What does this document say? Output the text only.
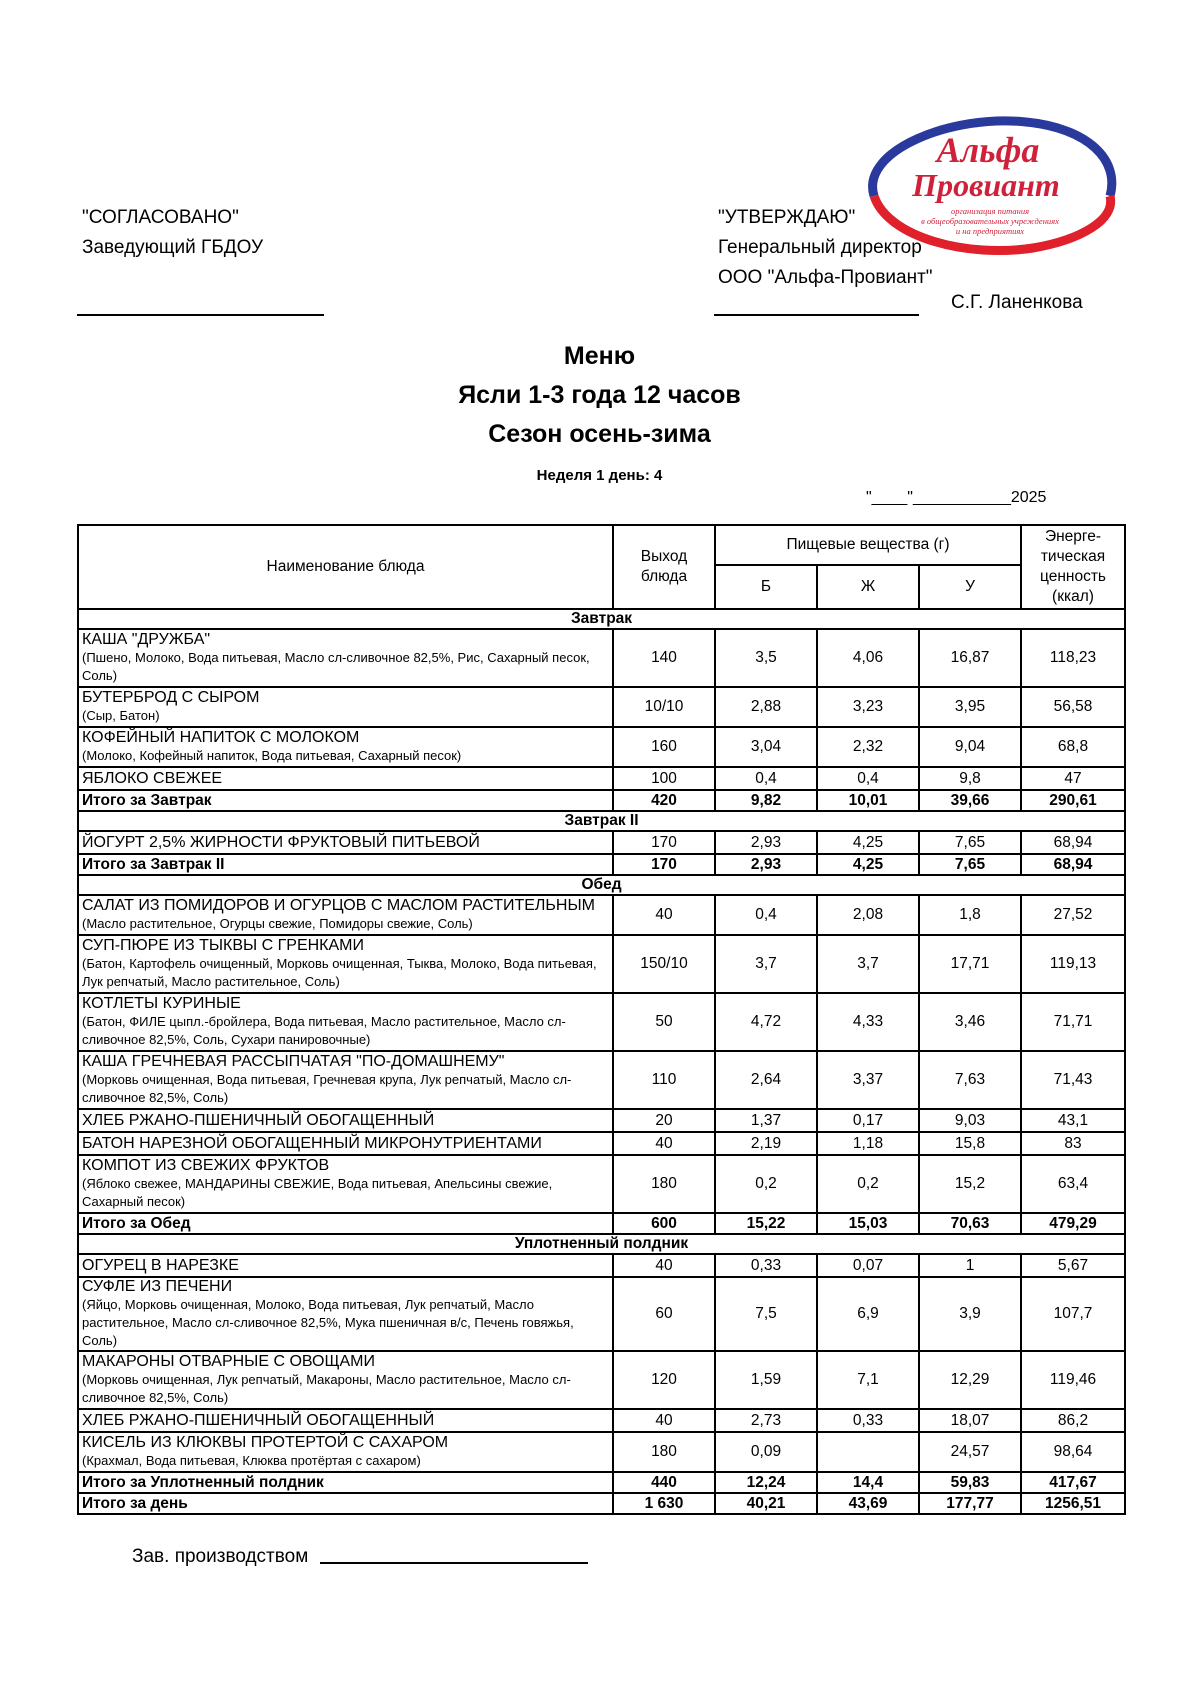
"СОГЛАСОВАНО"
Заведующий ГБДОУ
"УТВЕРЖДАЮ"
Генеральный директор
ООО "Альфа-Провиант"
С.Г. Ланенкова
Альфа
Провиант
организация питания
в общеобразовательных учреждениях
и на предприятиях
Меню
Ясли 1-3 года 12 часов
Сезон осень-зима
Неделя 1 день: 4
"____"___________2025
Наименование блюда	Выход блюда	Пищевые вещества (г)			Энерге-тическая ценность (ккал)
		Б	Ж	У	
Завтрак					

КАША "ДРУЖБА"
(Пшено, Молоко, Вода питьевая, Масло сл-сливочное 82,5%, Рис, Сахарный песок, Соль)	140	3,5	4,06	16,87	118,23

БУТЕРБРОД С СЫРОМ
(Сыр, Батон)	10/10	2,88	3,23	3,95	56,58

КОФЕЙНЫЙ НАПИТОК С МОЛОКОМ
(Молоко, Кофейный напиток, Вода питьевая, Сахарный песок)	160	3,04	2,32	9,04	68,8

ЯБЛОКО СВЕЖЕЕ	100	0,4	0,4	9,8	47
Итого за Завтрак	420	9,82	10,01	39,66	290,61
Завтрак II					

ЙОГУРТ 2,5% ЖИРНОСТИ ФРУКТОВЫЙ ПИТЬЕВОЙ	170	2,93	4,25	7,65	68,94
Итого за Завтрак II	170	2,93	4,25	7,65	68,94
Обед					

САЛАТ ИЗ ПОМИДОРОВ И ОГУРЦОВ С МАСЛОМ РАСТИТЕЛЬНЫМ
(Масло растительное, Огурцы свежие, Помидоры свежие, Соль)	40	0,4	2,08	1,8	27,52

СУП-ПЮРЕ ИЗ ТЫКВЫ С ГРЕНКАМИ
(Батон, Картофель очищенный, Морковь очищенная, Тыква, Молоко, Вода питьевая, Лук репчатый, Масло растительное, Соль)	150/10	3,7	3,7	17,71	119,13

КОТЛЕТЫ КУРИНЫЕ
(Батон, ФИЛЕ цыпл.-бройлера, Вода питьевая, Масло растительное, Масло сл-сливочное 82,5%, Соль, Сухари панировочные)	50	4,72	4,33	3,46	71,71

КАША ГРЕЧНЕВАЯ РАССЫПЧАТАЯ "ПО-ДОМАШНЕМУ"
(Морковь очищенная, Вода питьевая, Гречневая крупа, Лук репчатый, Масло сл-сливочное 82,5%, Соль)	110	2,64	3,37	7,63	71,43

ХЛЕБ РЖАНО-ПШЕНИЧНЫЙ ОБОГАЩЕННЫЙ	20	1,37	0,17	9,03	43,1

БАТОН НАРЕЗНОЙ ОБОГАЩЕННЫЙ МИКРОНУТРИЕНТАМИ	40	2,19	1,18	15,8	83

КОМПОТ ИЗ СВЕЖИХ ФРУКТОВ
(Яблоко свежее, МАНДАРИНЫ СВЕЖИЕ, Вода питьевая, Апельсины свежие, Сахарный песок)	180	0,2	0,2	15,2	63,4
Итого за Обед	600	15,22	15,03	70,63	479,29
Уплотненный полдник					

ОГУРЕЦ В НАРЕЗКЕ	40	0,33	0,07	1	5,67

СУФЛЕ ИЗ ПЕЧЕНИ
(Яйцо, Морковь очищенная, Молоко, Вода питьевая, Лук репчатый, Масло растительное, Масло сл-сливочное 82,5%, Мука пшеничная в/с, Печень говяжья, Соль)	60	7,5	6,9	3,9	107,7

МАКАРОНЫ ОТВАРНЫЕ С ОВОЩАМИ
(Морковь очищенная, Лук репчатый, Макароны, Масло растительное, Масло сл-сливочное 82,5%, Соль)	120	1,59	7,1	12,29	119,46

ХЛЕБ РЖАНО-ПШЕНИЧНЫЙ ОБОГАЩЕННЫЙ	40	2,73	0,33	18,07	86,2

КИСЕЛЬ ИЗ КЛЮКВЫ ПРОТЕРТОЙ С САХАРОМ
(Крахмал, Вода питьевая, Клюква протёртая с сахаром)	180	0,09		24,57	98,64
Итого за Уплотненный полдник	440	12,24	14,4	59,83	417,67
Итого за день	1 630	40,21	43,69	177,77	1256,51
Зав. производством
